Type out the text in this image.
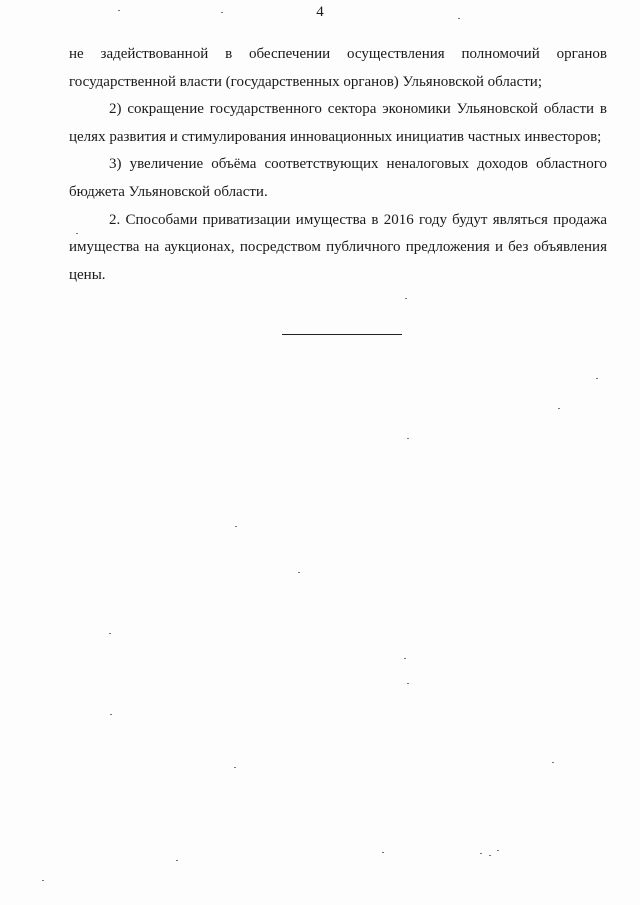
4

не задействованной в обеспечении осуществления полномочий органов государственной власти (государственных органов) Ульяновской области;

2) сокращение государственного сектора экономики Ульяновской области в целях развития и стимулирования инновационных инициатив частных инвесторов;

3) увеличение объёма соответствующих неналоговых доходов областного бюджета Ульяновской области.

2. Способами приватизации имущества в 2016 году будут являться продажа имущества на аукционах, посредством публичного предложения и без объявления цены.
